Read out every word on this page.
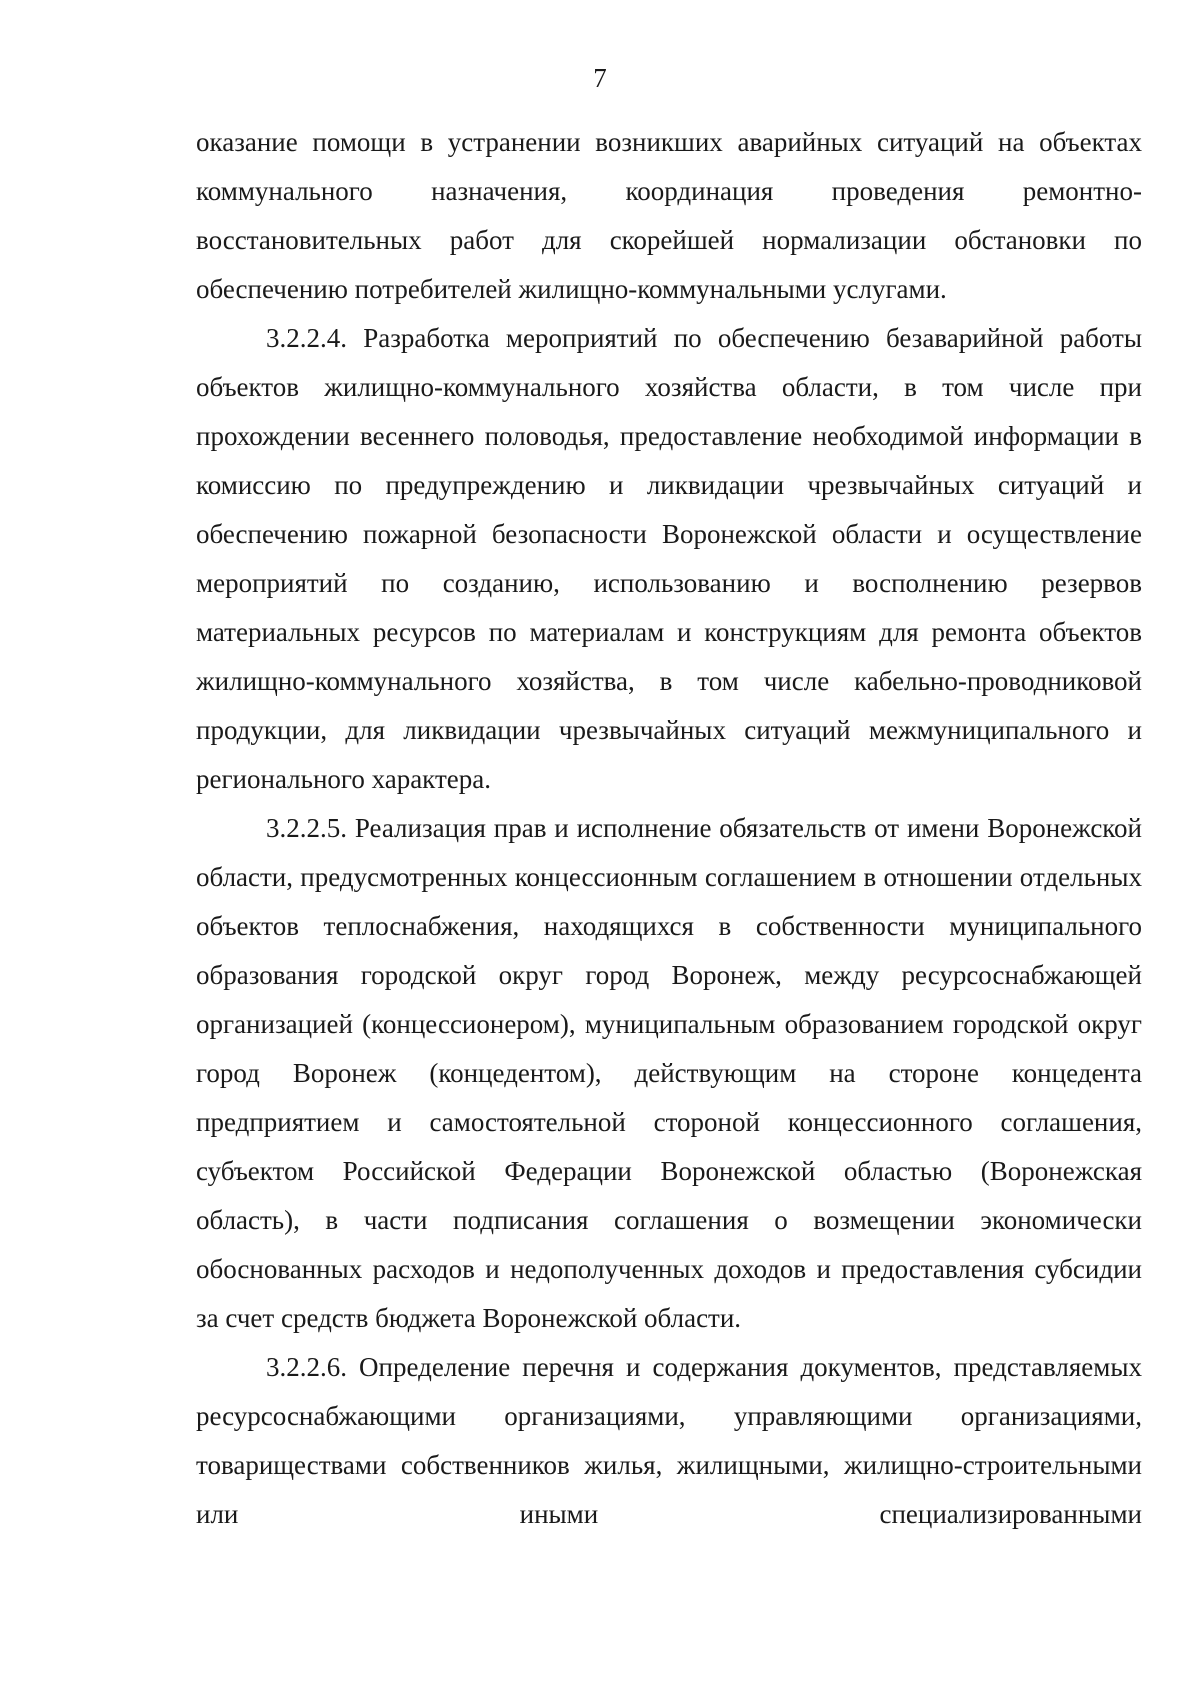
7

оказание помощи в устранении возникших аварийных ситуаций на объектах коммунального назначения, координация проведения ремонтно-восстановительных работ для скорейшей нормализации обстановки по обеспечению потребителей жилищно-коммунальными услугами.

3.2.2.4. Разработка мероприятий по обеспечению безаварийной работы объектов жилищно-коммунального хозяйства области, в том числе при прохождении весеннего половодья, предоставление необходимой информации в комиссию по предупреждению и ликвидации чрезвычайных ситуаций и обеспечению пожарной безопасности Воронежской области и осуществление мероприятий по созданию, использованию и восполнению резервов материальных ресурсов по материалам и конструкциям для ремонта объектов жилищно-коммунального хозяйства, в том числе кабельно-проводниковой продукции, для ликвидации чрезвычайных ситуаций межмуниципального и регионального характера.

3.2.2.5. Реализация прав и исполнение обязательств от имени Воронежской области, предусмотренных концессионным соглашением в отношении отдельных объектов теплоснабжения, находящихся в собственности муниципального образования городской округ город Воронеж, между ресурсоснабжающей организацией (концессионером), муниципальным образованием городской округ город Воронеж (концедентом), действующим на стороне концедента предприятием и самостоятельной стороной концессионного соглашения, субъектом Российской Федерации Воронежской областью (Воронежская область), в части подписания соглашения о возмещении экономически обоснованных расходов и недополученных доходов и предоставления субсидии за счет средств бюджета Воронежской области.

3.2.2.6. Определение перечня и содержания документов, представляемых ресурсоснабжающими организациями, управляющими организациями, товариществами собственников жилья, жилищными, жилищно-строительными или иными специализированными
